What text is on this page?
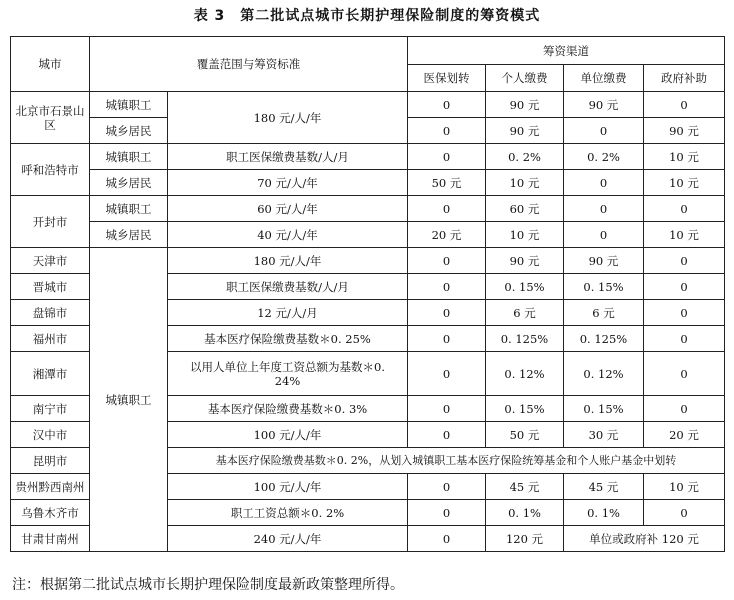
表 3　第二批试点城市长期护理保险制度的筹资模式
城市	覆盖范围与筹资标准		筹资渠道			
			医保划转	个人缴费	单位缴费	政府补助
北京市石景山区	城镇职工	180 元/人/年	0	90 元	90 元	0
	城乡居民		0	90 元	0	90 元
呼和浩特市	城镇职工	职工医保缴费基数/人/月	0	0. 2%	0. 2%	10 元
	城乡居民	70 元/人/年	50 元	10 元	0	10 元
开封市	城镇职工	60 元/人/年	0	60 元	0	0
	城乡居民	40 元/人/年	20 元	10 元	0	10 元
天津市	城镇职工	180 元/人/年	0	90 元	90 元	0
晋城市		职工医保缴费基数/人/月	0	0. 15%	0. 15%	0
盘锦市		12 元/人/月	0	6 元	6 元	0
福州市		基本医疗保险缴费基数＊0. 25%	0	0. 125%	0. 125%	0
湘潭市		以用人单位上年度工资总额为基数＊0. 24%	0	0. 12%	0. 12%	0
南宁市		基本医疗保险缴费基数＊0. 3%	0	0. 15%	0. 15%	0
汉中市		100 元/人/年	0	50 元	30 元	20 元
昆明市		基本医疗保险缴费基数＊0. 2%，从划入城镇职工基本医疗保险统筹基金和个人账户基金中划转				
贵州黔西南州		100 元/人/年	0	45 元	45 元	10 元
乌鲁木齐市		职工工资总额＊0. 2%	0	0. 1%	0. 1%	0
甘肃甘南州		240 元/人/年	0	120 元	单位或政府补 120 元	
注：根据第二批试点城市长期护理保险制度最新政策整理所得。
